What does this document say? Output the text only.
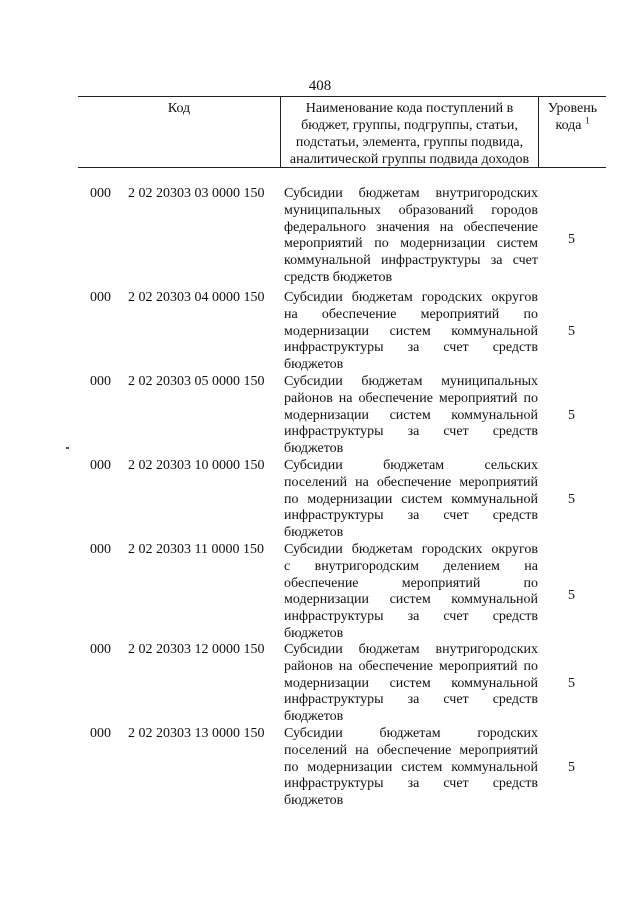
408
Код	Наименование кода поступлений в
бюджет, группы, подгруппы, статьи,
подстатьи, элемента, группы подвида,
аналитической группы подвида доходов
Уровень
кода $^1$
000 2 02 20303 03 0000 150 Субсидии бюджетам внутригородских
муниципальных образований городов
федерального значения на обеспечение
мероприятий по модернизации систем
коммунальной инфраструктуры за счет
средств бюджетов
5
000 2 02 20303 04 0000 150 Субсидии бюджетам городских округов
на обеспечение мероприятий по
модернизации систем коммунальной
инфраструктуры за счет средств
бюджетов
5
000 2 02 20303 05 0000 150 Субсидии бюджетам муниципальных
районов на обеспечение мероприятий по
модернизации систем коммунальной
инфраструктуры за счет средств
бюджетов
5
000 2 02 20303 10 0000 150 Субсидии бюджетам сельских
поселений на обеспечение мероприятий
по модернизации систем коммунальной
инфраструктуры за счет средств
бюджетов
5
000 2 02 20303 11 0000 150 Субсидии бюджетам городских округов
с внутригородским делением на
обеспечение мероприятий по
модернизации систем коммунальной
инфраструктуры за счет средств
бюджетов
5
000 2 02 20303 12 0000 150 Субсидии бюджетам внутригородских
районов на обеспечение мероприятий по
модернизации систем коммунальной
инфраструктуры за счет средств
бюджетов
5
000 2 02 20303 13 0000 150 Субсидии бюджетам городских
поселений на обеспечение мероприятий
по модернизации систем коммунальной
инфраструктуры за счет средств
бюджетов
5
